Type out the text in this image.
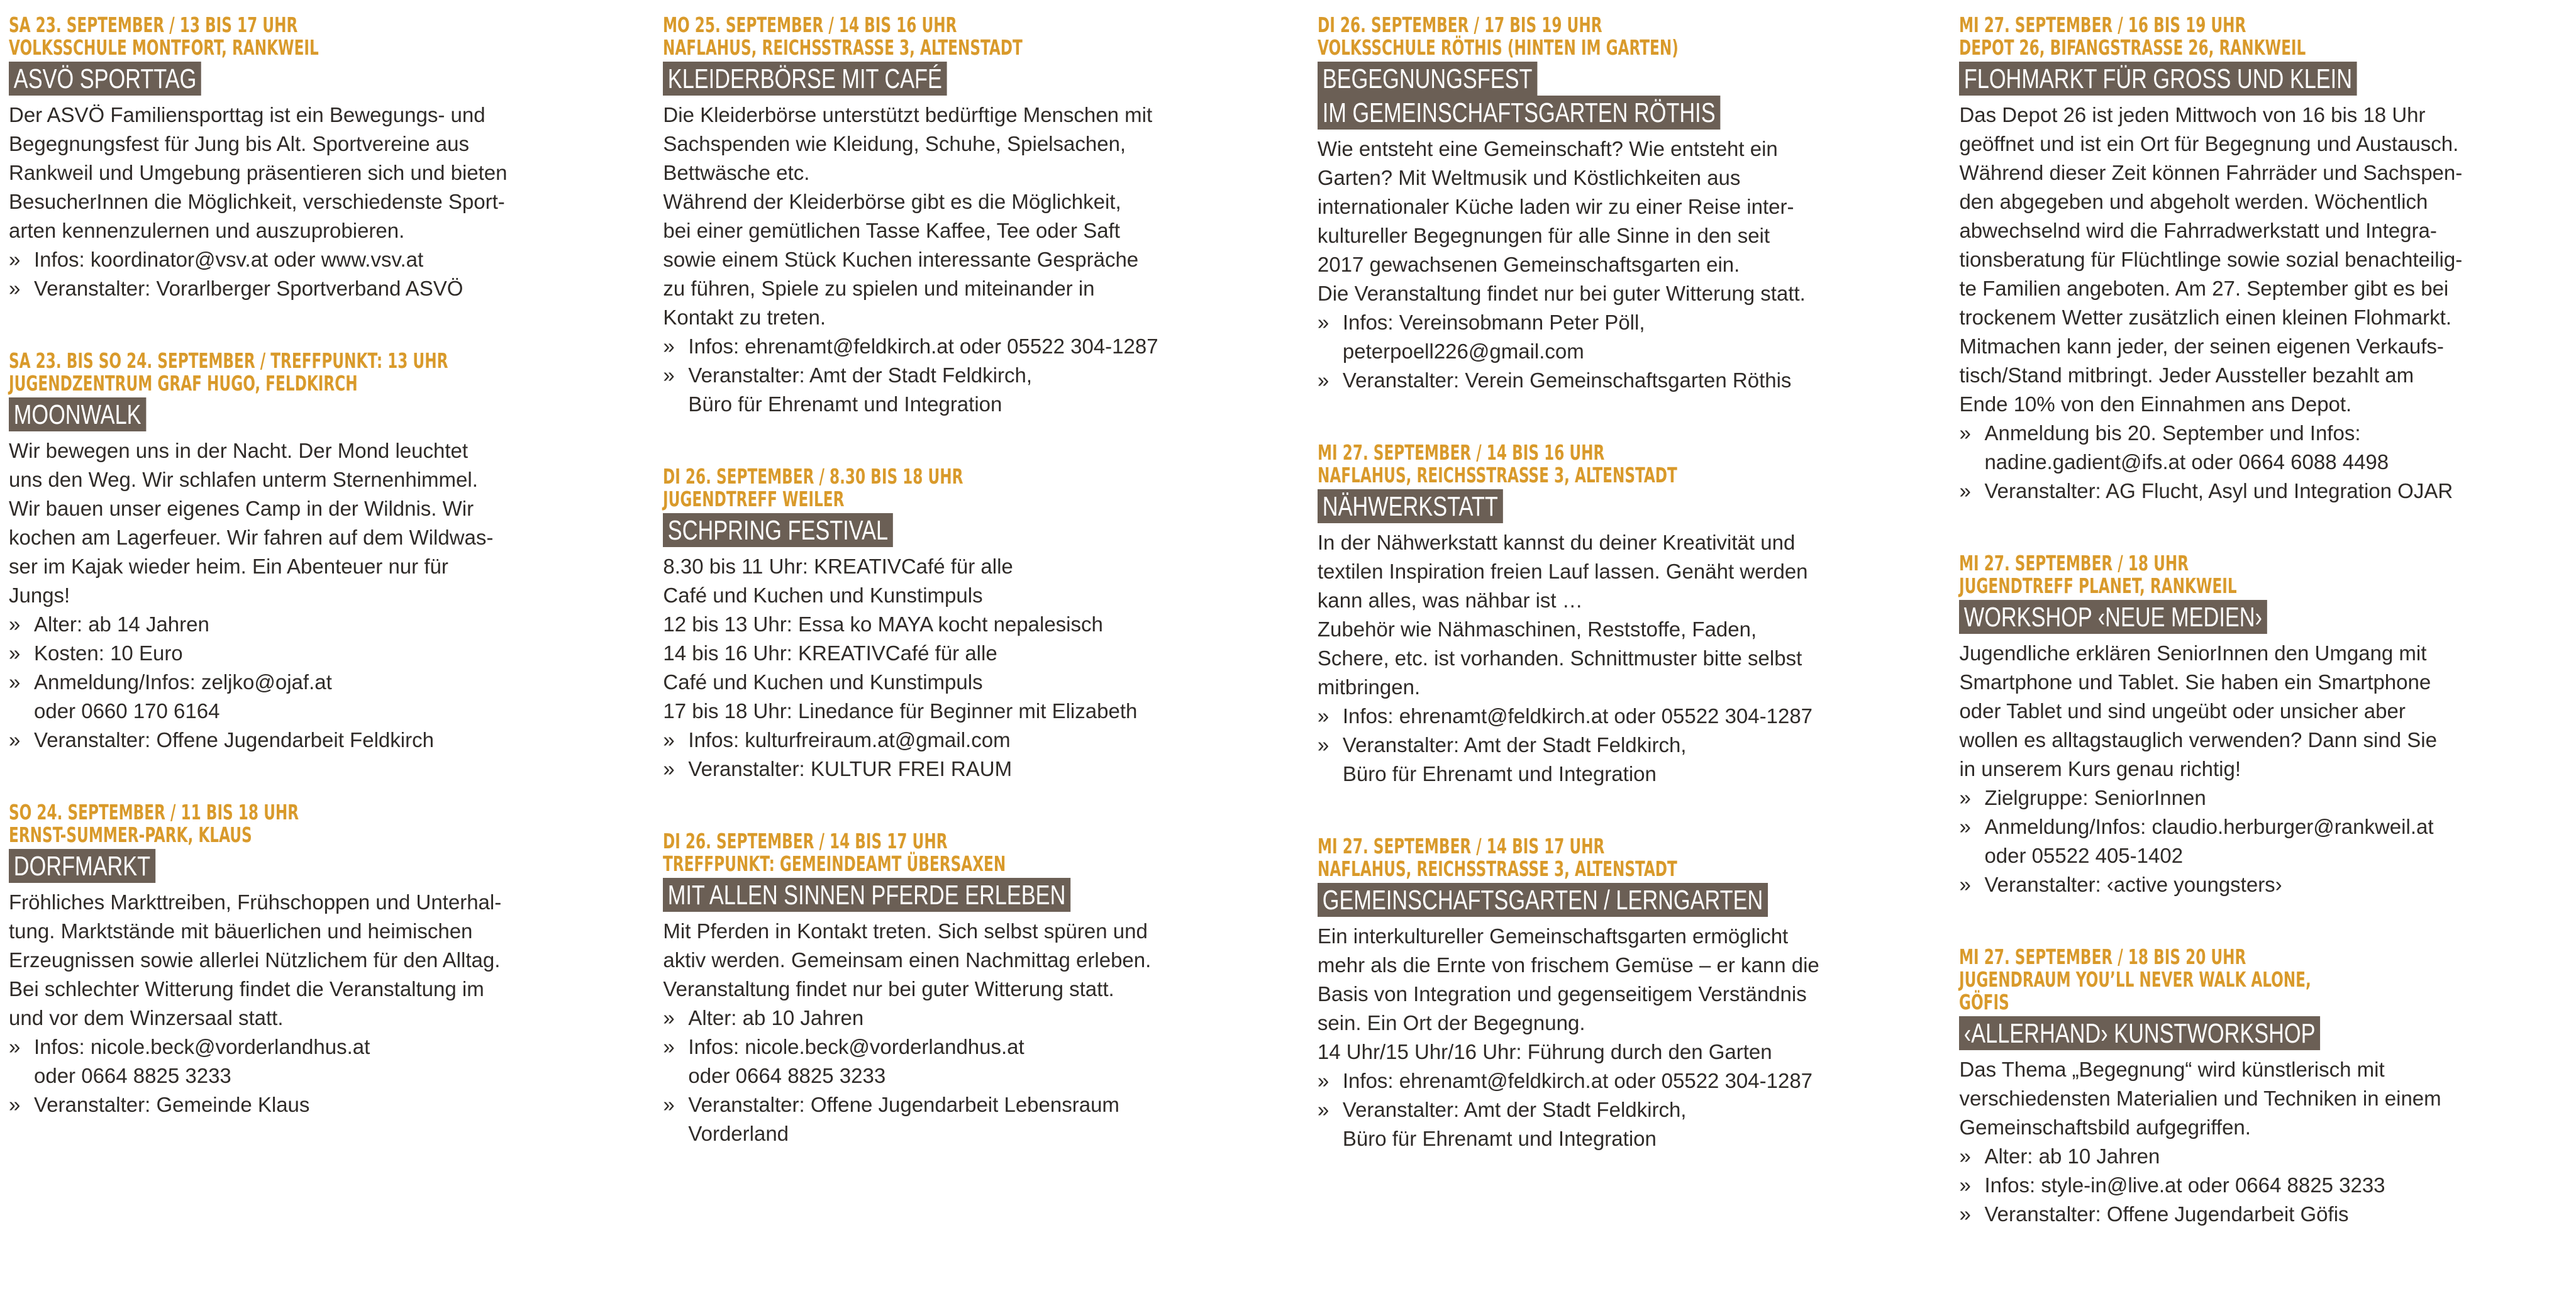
SA 23. SEPTEMBER / 13 BIS 17 UHR
VOLKSSCHULE MONTFORT, RANKWEIL
ASVÖ SPORTTAG

Der ASVÖ Familiensporttag ist ein Bewegungs- und
Begegnungsfest für Jung bis Alt. Sportvereine aus
Rankweil und Umgebung präsentieren sich und bieten
BesucherInnen die Möglichkeit, verschiedenste Sport-
arten kennenzulernen und auszuprobieren.

» Infos: koordinator@vsv.at oder www.vsv.at
» Veranstalter: Vorarlberger Sportverband ASVÖ
SA 23. BIS SO 24. SEPTEMBER / TREFFPUNKT: 13 UHR
JUGENDZENTRUM GRAF HUGO, FELDKIRCH
MOONWALK

Wir bewegen uns in der Nacht. Der Mond leuchtet
uns den Weg. Wir schlafen unterm Sternenhimmel.
Wir bauen unser eigenes Camp in der Wildnis. Wir
kochen am Lagerfeuer. Wir fahren auf dem Wildwas-
ser im Kajak wieder heim. Ein Abenteuer nur für
Jungs!

» Alter: ab 14 Jahren
» Kosten: 10 Euro
» Anmeldung/Infos: zeljko@ojaf.at
oder 0660 170 6164
» Veranstalter: Offene Jugendarbeit Feldkirch
SO 24. SEPTEMBER / 11 BIS 18 UHR
ERNST-SUMMER-PARK, KLAUS
DORFMARKT

Fröhliches Markttreiben, Frühschoppen und Unterhal-
tung. Marktstände mit bäuerlichen und heimischen
Erzeugnissen sowie allerlei Nützlichem für den Alltag.
Bei schlechter Witterung findet die Veranstaltung im
und vor dem Winzersaal statt.

» Infos: nicole.beck@vorderlandhus.at
oder 0664 8825 3233
» Veranstalter: Gemeinde Klaus
MO 25. SEPTEMBER / 14 BIS 16 UHR
NAFLAHUS, REICHSSTRASSE 3, ALTENSTADT
KLEIDERBÖRSE MIT CAFÉ

Die Kleiderbörse unterstützt bedürftige Menschen mit
Sachspenden wie Kleidung, Schuhe, Spielsachen,
Bettwäsche etc.
Während der Kleiderbörse gibt es die Möglichkeit,
bei einer gemütlichen Tasse Kaffee, Tee oder Saft
sowie einem Stück Kuchen interessante Gespräche
zu führen, Spiele zu spielen und miteinander in
Kontakt zu treten.

» Infos: ehrenamt@feldkirch.at oder 05522 304-1287
» Veranstalter: Amt der Stadt Feldkirch,
Büro für Ehrenamt und Integration
DI 26. SEPTEMBER / 8.30 BIS 18 UHR
JUGENDTREFF WEILER
SCHPRING FESTIVAL

8.30 bis 11 Uhr: KREATIVCafé für alle
Café und Kuchen und Kunstimpuls
12 bis 13 Uhr: Essa ko MAYA kocht nepalesisch
14 bis 16 Uhr: KREATIVCafé für alle
Café und Kuchen und Kunstimpuls
17 bis 18 Uhr: Linedance für Beginner mit Elizabeth

» Infos: kulturfreiraum.at@gmail.com
» Veranstalter: KULTUR FREI RAUM
DI 26. SEPTEMBER / 14 BIS 17 UHR
TREFFPUNKT: GEMEINDEAMT ÜBERSAXEN
MIT ALLEN SINNEN PFERDE ERLEBEN

Mit Pferden in Kontakt treten. Sich selbst spüren und
aktiv werden. Gemeinsam einen Nachmittag erleben.
Veranstaltung findet nur bei guter Witterung statt.

» Alter: ab 10 Jahren
» Infos: nicole.beck@vorderlandhus.at
oder 0664 8825 3233
» Veranstalter: Offene Jugendarbeit Lebensraum
Vorderland
DI 26. SEPTEMBER / 17 BIS 19 UHR
VOLKSSCHULE RÖTHIS (HINTEN IM GARTEN)
BEGEGNUNGSFEST
IM GEMEINSCHAFTSGARTEN RÖTHIS

Wie entsteht eine Gemeinschaft? Wie entsteht ein
Garten? Mit Weltmusik und Köstlichkeiten aus
internationaler Küche laden wir zu einer Reise inter-
kultureller Begegnungen für alle Sinne in den seit
2017 gewachsenen Gemeinschaftsgarten ein.
Die Veranstaltung findet nur bei guter Witterung statt.

» Infos: Vereinsobmann Peter Pöll,
peterpoell226@gmail.com
» Veranstalter: Verein Gemeinschaftsgarten Röthis
MI 27. SEPTEMBER / 14 BIS 16 UHR
NAFLAHUS, REICHSSTRASSE 3, ALTENSTADT
NÄHWERKSTATT

In der Nähwerkstatt kannst du deiner Kreativität und
textilen Inspiration freien Lauf lassen. Genäht werden
kann alles, was nähbar ist …
Zubehör wie Nähmaschinen, Reststoffe, Faden,
Schere, etc. ist vorhanden. Schnittmuster bitte selbst
mitbringen.

» Infos: ehrenamt@feldkirch.at oder 05522 304-1287
» Veranstalter: Amt der Stadt Feldkirch,
Büro für Ehrenamt und Integration
MI 27. SEPTEMBER / 14 BIS 17 UHR
NAFLAHUS, REICHSSTRASSE 3, ALTENSTADT
GEMEINSCHAFTSGARTEN / LERNGARTEN

Ein interkultureller Gemeinschaftsgarten ermöglicht
mehr als die Ernte von frischem Gemüse – er kann die
Basis von Integration und gegenseitigem Verständnis
sein. Ein Ort der Begegnung.
14 Uhr/15 Uhr/16 Uhr: Führung durch den Garten

» Infos: ehrenamt@feldkirch.at oder 05522 304-1287
» Veranstalter: Amt der Stadt Feldkirch,
Büro für Ehrenamt und Integration
MI 27. SEPTEMBER / 16 BIS 19 UHR
DEPOT 26, BIFANGSTRASSE 26, RANKWEIL
FLOHMARKT FÜR GROSS UND KLEIN

Das Depot 26 ist jeden Mittwoch von 16 bis 18 Uhr
geöffnet und ist ein Ort für Begegnung und Austausch.
Während dieser Zeit können Fahrräder und Sachspen-
den abgegeben und abgeholt werden. Wöchentlich
abwechselnd wird die Fahrradwerkstatt und Integra-
tionsberatung für Flüchtlinge sowie sozial benachteilig-
te Familien angeboten. Am 27. September gibt es bei
trockenem Wetter zusätzlich einen kleinen Flohmarkt.
Mitmachen kann jeder, der seinen eigenen Verkaufs-
tisch/Stand mitbringt. Jeder Aussteller bezahlt am
Ende 10% von den Einnahmen ans Depot.

» Anmeldung bis 20. September und Infos:
nadine.gadient@ifs.at oder 0664 6088 4498
» Veranstalter: AG Flucht, Asyl und Integration OJAR
MI 27. SEPTEMBER / 18 UHR
JUGENDTREFF PLANET, RANKWEIL
WORKSHOP ‹NEUE MEDIEN›

Jugendliche erklären SeniorInnen den Umgang mit
Smartphone und Tablet. Sie haben ein Smartphone
oder Tablet und sind ungeübt oder unsicher aber
wollen es alltagstauglich verwenden? Dann sind Sie
in unserem Kurs genau richtig!

» Zielgruppe: SeniorInnen
» Anmeldung/Infos: claudio.herburger@rankweil.at
oder 05522 405-1402
» Veranstalter: ‹active youngsters›
MI 27. SEPTEMBER / 18 BIS 20 UHR
JUGENDRAUM YOU’LL NEVER WALK ALONE,
GÖFIS
‹ALLERHAND› KUNSTWORKSHOP

Das Thema „Begegnung“ wird künstlerisch mit
verschiedensten Materialien und Techniken in einem
Gemeinschaftsbild aufgegriffen.

» Alter: ab 10 Jahren
» Infos: style-in@live.at oder 0664 8825 3233
» Veranstalter: Offene Jugendarbeit Göfis
